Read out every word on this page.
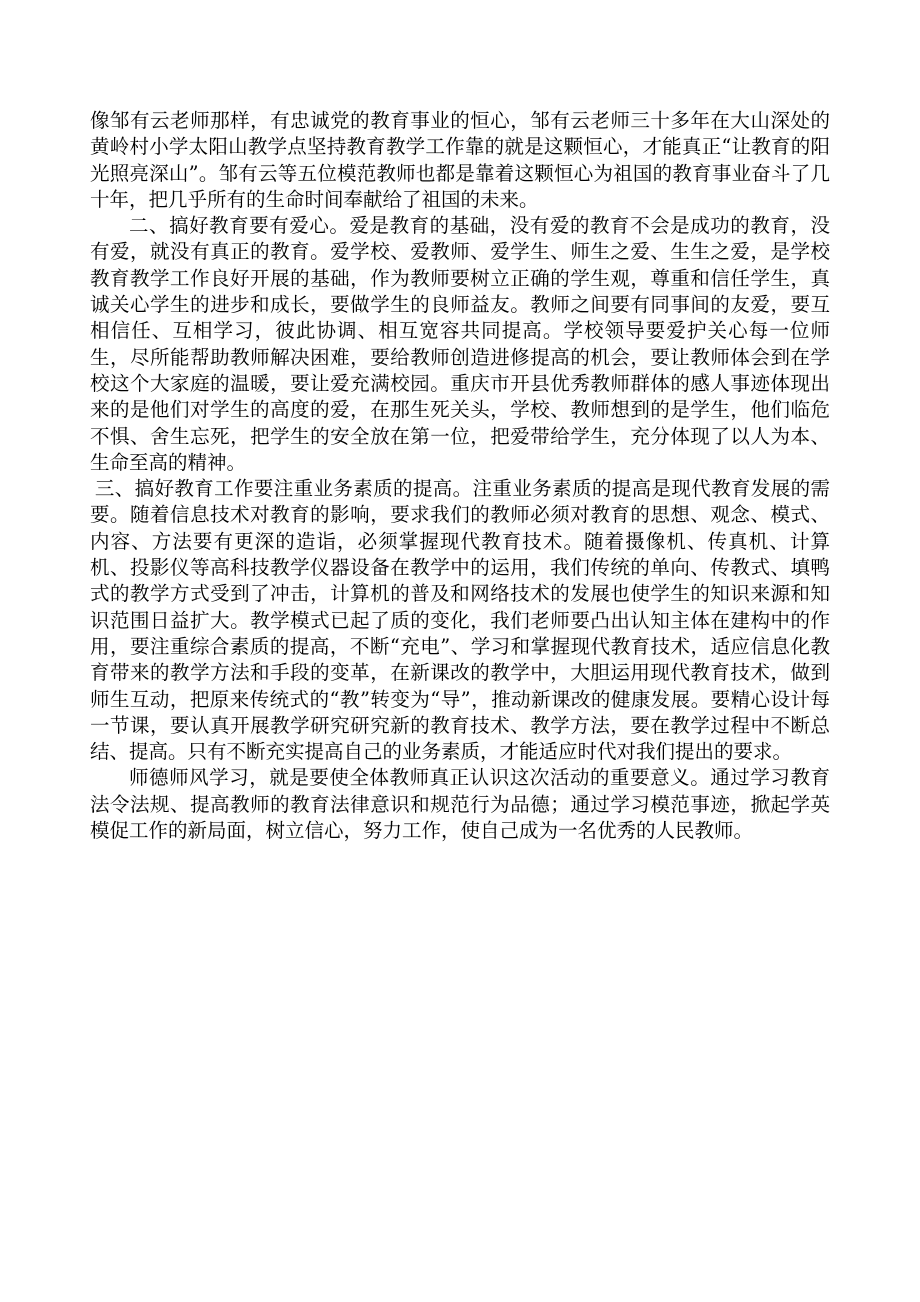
像邹有云老师那样，有忠诚党的教育事业的恒心，邹有云老师三十多年在大山深处的黄岭村小学太阳山教学点坚持教育教学工作靠的就是这颗恒心，才能真正“让教育的阳光照亮深山”。邹有云等五位模范教师也都是靠着这颗恒心为祖国的教育事业奋斗了几十年，把几乎所有的生命时间奉献给了祖国的未来。

二、搞好教育要有爱心。爱是教育的基础，没有爱的教育不会是成功的教育，没有爱，就没有真正的教育。爱学校、爱教师、爱学生、师生之爱、生生之爱，是学校教育教学工作良好开展的基础，作为教师要树立正确的学生观，尊重和信任学生，真诚关心学生的进步和成长，要做学生的良师益友。教师之间要有同事间的友爱，要互相信任、互相学习，彼此协调、相互宽容共同提高。学校领导要爱护关心每一位师生，尽所能帮助教师解决困难，要给教师创造进修提高的机会，要让教师体会到在学校这个大家庭的温暖，要让爱充满校园。重庆市开县优秀教师群体的感人事迹体现出来的是他们对学生的高度的爱，在那生死关头，学校、教师想到的是学生，他们临危不惧、舍生忘死，把学生的安全放在第一位，把爱带给学生，充分体现了以人为本、生命至高的精神。

三、搞好教育工作要注重业务素质的提高。注重业务素质的提高是现代教育发展的需要。随着信息技术对教育的影响，要求我们的教师必须对教育的思想、观念、模式、内容、方法要有更深的造诣，必须掌握现代教育技术。随着摄像机、传真机、计算机、投影仪等高科技教学仪器设备在教学中的运用，我们传统的单向、传教式、填鸭式的教学方式受到了冲击，计算机的普及和网络技术的发展也使学生的知识来源和知识范围日益扩大。教学模式已起了质的变化，我们老师要凸出认知主体在建构中的作用，要注重综合素质的提高，不断“充电”、学习和掌握现代教育技术，适应信息化教育带来的教学方法和手段的变革，在新课改的教学中，大胆运用现代教育技术，做到师生互动，把原来传统式的“教”转变为“导”，推动新课改的健康发展。要精心设计每一节课，要认真开展教学研究研究新的教育技术、教学方法，要在教学过程中不断总结、提高。只有不断充实提高自己的业务素质，才能适应时代对我们提出的要求。

师德师风学习，就是要使全体教师真正认识这次活动的重要意义。通过学习教育法令法规、提高教师的教育法律意识和规范行为品德；通过学习模范事迹，掀起学英模促工作的新局面，树立信心，努力工作，使自己成为一名优秀的人民教师。
